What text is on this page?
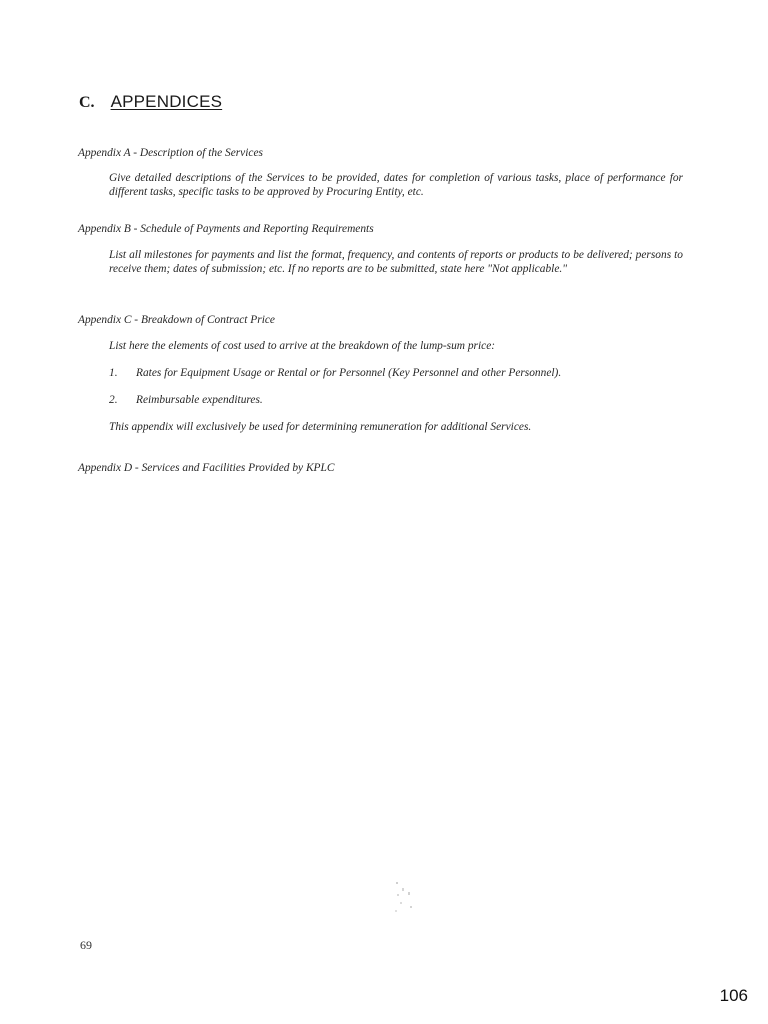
C. APPENDICES
Appendix A - Description of the Services
Give detailed descriptions of the Services to be provided, dates for completion of various tasks, place of performance for different tasks, specific tasks to be approved by Procuring Entity, etc.
Appendix B - Schedule of Payments and Reporting Requirements
List all milestones for payments and list the format, frequency, and contents of reports or products to be delivered; persons to receive them; dates of submission; etc. If no reports are to be submitted, state here "Not applicable."
Appendix C - Breakdown of Contract Price
List here the elements of cost used to arrive at the breakdown of the lump-sum price:
1.	Rates for Equipment Usage or Rental or for Personnel (Key Personnel and other Personnel).
2.	Reimbursable expenditures.
This appendix will exclusively be used for determining remuneration for additional Services.
Appendix D - Services and Facilities Provided by KPLC
69
106
